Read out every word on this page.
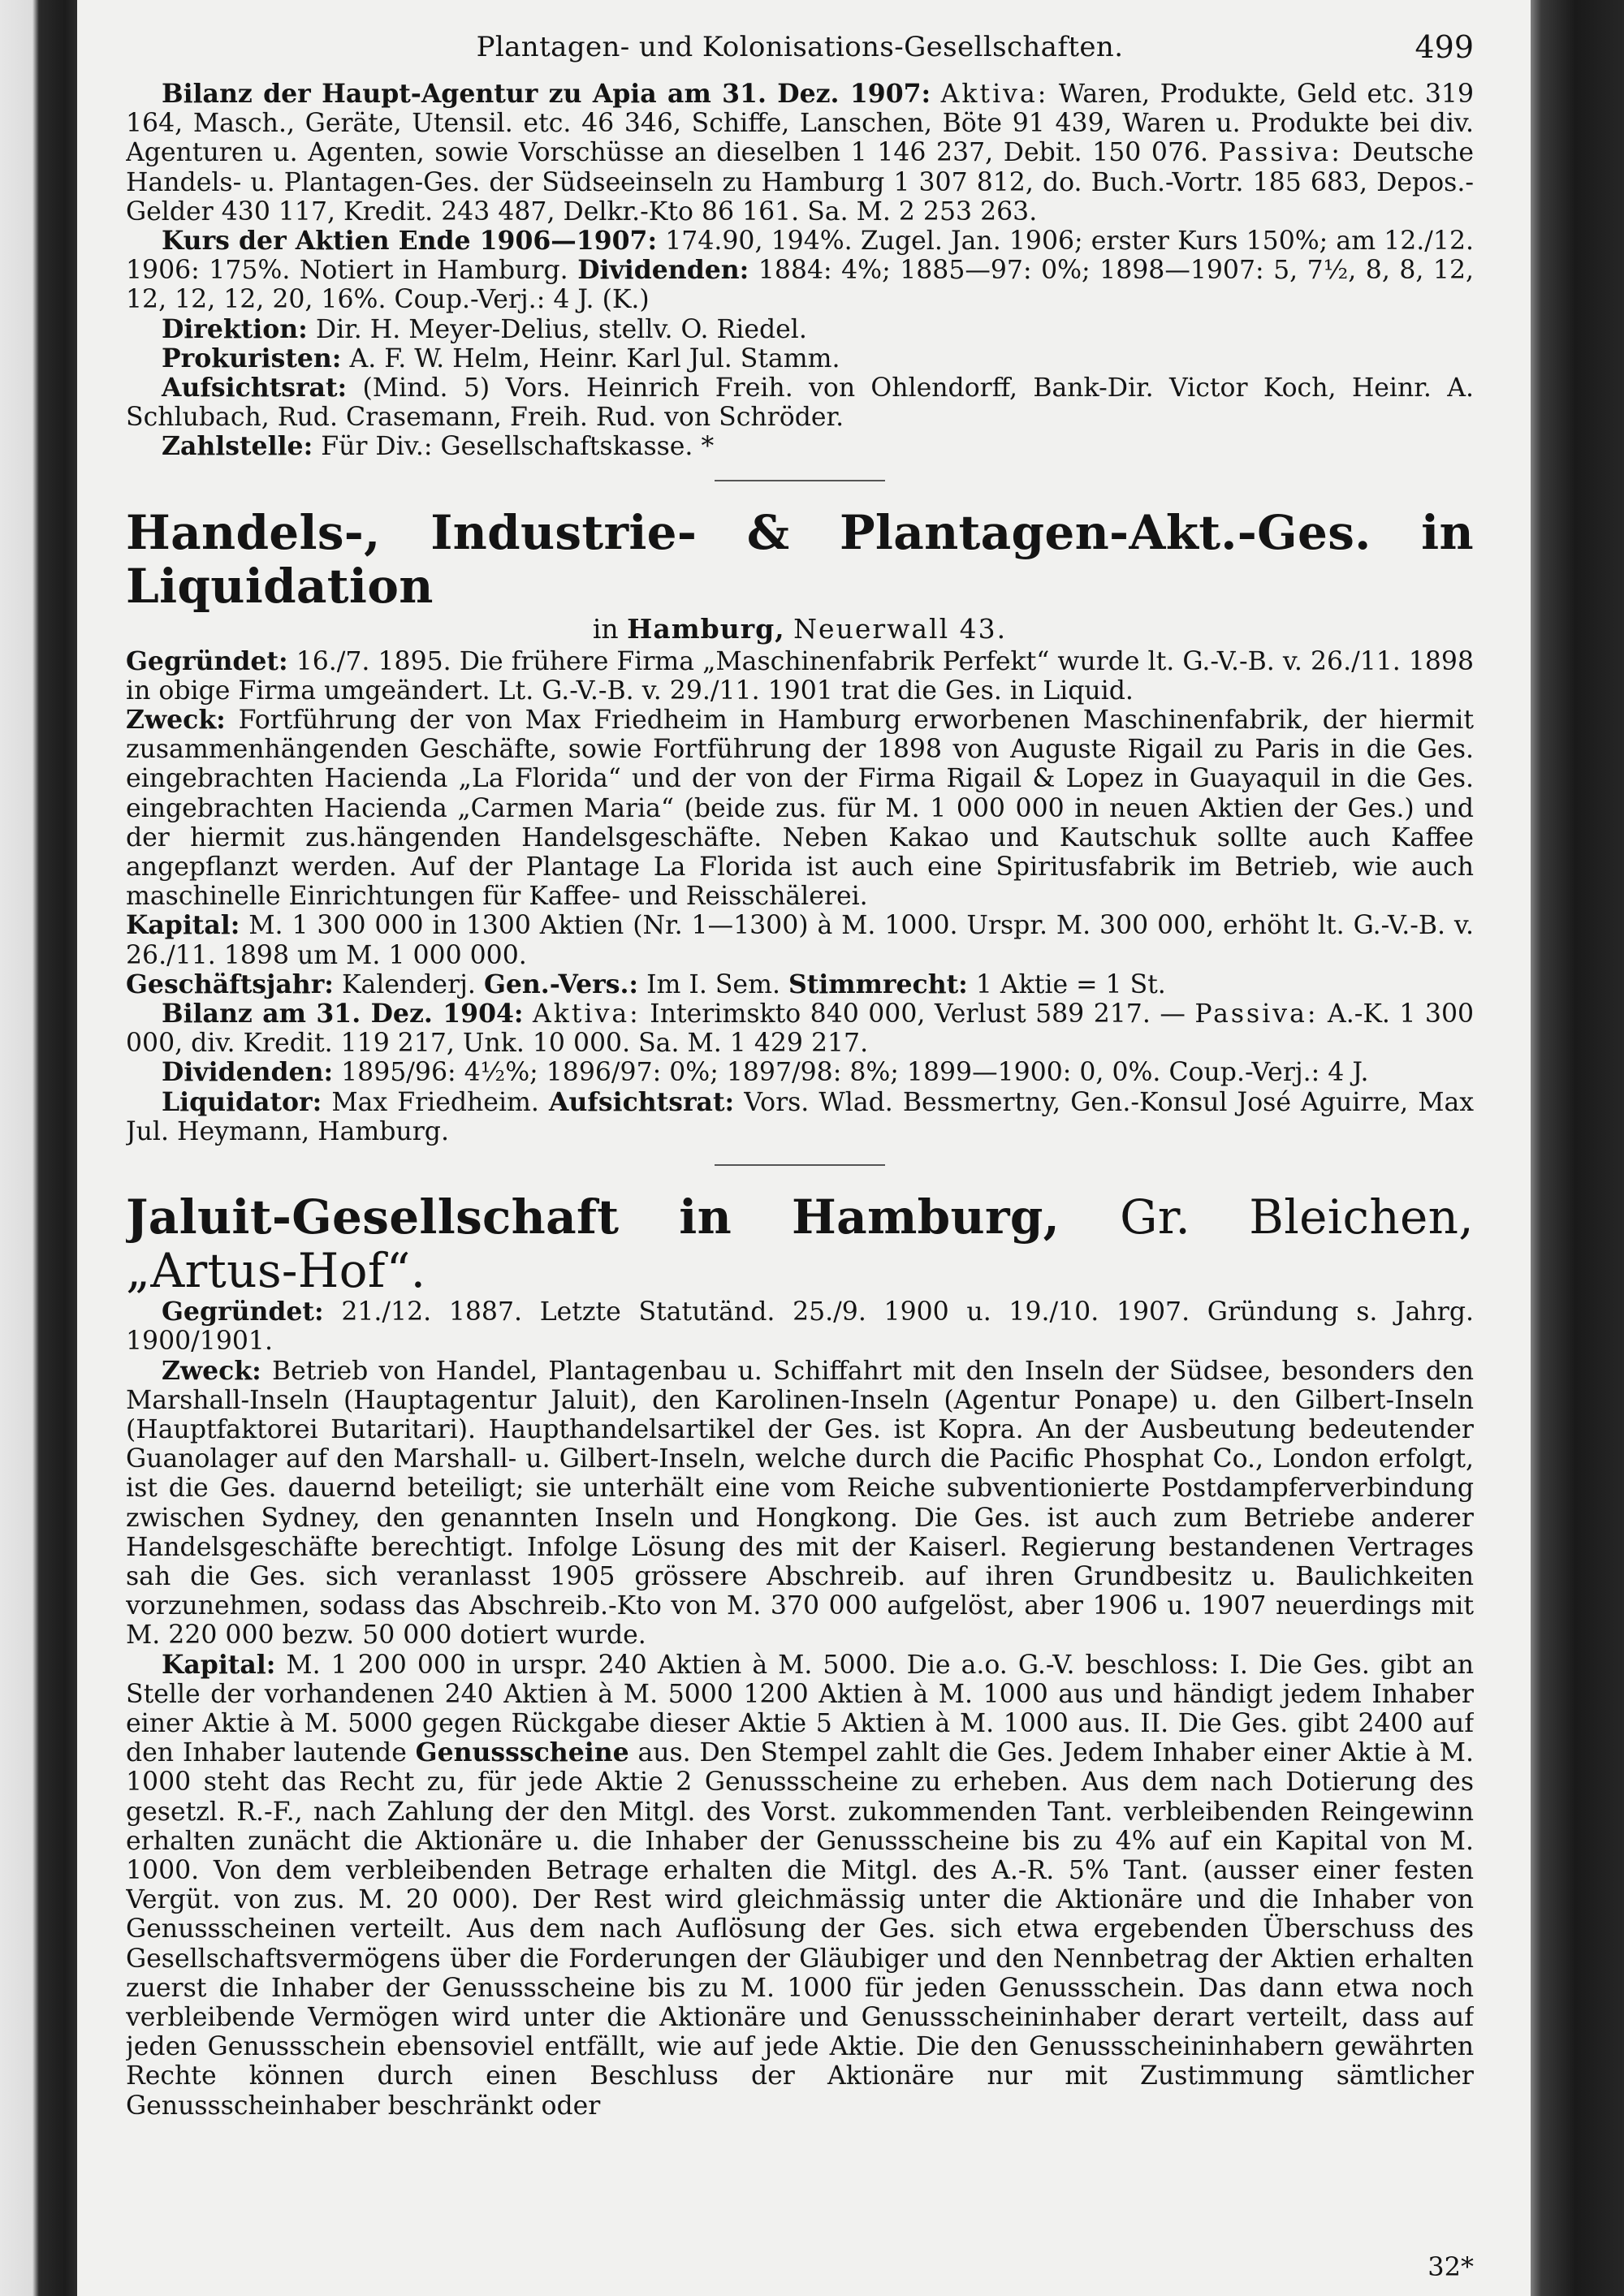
Plantagen- und Kolonisations-Gesellschaften.	499

Bilanz der Haupt-Agentur zu Apia am 31. Dez. 1907: Aktiva: Waren, Produkte, Geld etc. 319 164, Masch., Geräte, Utensil. etc. 46 346, Schiffe, Lanschen, Böte 91 439, Waren u. Produkte bei div. Agenturen u. Agenten, sowie Vorschüsse an dieselben 1 146 237, Debit. 150 076. Passiva: Deutsche Handels- u. Plantagen-Ges. der Südseeinseln zu Hamburg 1 307 812, do. Buch.-Vortr. 185 683, Depos.-Gelder 430 117, Kredit. 243 487, Delkr.-Kto 86 161. Sa. M. 2 253 263.

Kurs der Aktien Ende 1906—1907: 174.90, 194%. Zugel. Jan. 1906; erster Kurs 150%; am 12./12. 1906: 175%. Notiert in Hamburg. Dividenden: 1884: 4%; 1885—97: 0%; 1898—1907: 5, 7½, 8, 8, 12, 12, 12, 12, 20, 16%. Coup.-Verj.: 4 J. (K.)

Direktion: Dir. H. Meyer-Delius, stellv. O. Riedel.

Prokuristen: A. F. W. Helm, Heinr. Karl Jul. Stamm.

Aufsichtsrat: (Mind. 5) Vors. Heinrich Freih. von Ohlendorff, Bank-Dir. Victor Koch, Heinr. A. Schlubach, Rud. Crasemann, Freih. Rud. von Schröder.

Zahlstelle: Für Div.: Gesellschaftskasse. *

Handels-, Industrie- & Plantagen-Akt.-Ges. in Liquidation
in Hamburg, Neuerwall 43.

Gegründet: 16./7. 1895. Die frühere Firma „Maschinenfabrik Perfekt“ wurde lt. G.-V.-B. v. 26./11. 1898 in obige Firma umgeändert. Lt. G.-V.-B. v. 29./11. 1901 trat die Ges. in Liquid.

Zweck: Fortführung der von Max Friedheim in Hamburg erworbenen Maschinenfabrik, der hiermit zusammenhängenden Geschäfte, sowie Fortführung der 1898 von Auguste Rigail zu Paris in die Ges. eingebrachten Hacienda „La Florida“ und der von der Firma Rigail & Lopez in Guayaquil in die Ges. eingebrachten Hacienda „Carmen Maria“ (beide zus. für M. 1 000 000 in neuen Aktien der Ges.) und der hiermit zus.hängenden Handelsgeschäfte. Neben Kakao und Kautschuk sollte auch Kaffee angepflanzt werden. Auf der Plantage La Florida ist auch eine Spiritusfabrik im Betrieb, wie auch maschinelle Einrichtungen für Kaffee- und Reisschälerei.

Kapital: M. 1 300 000 in 1300 Aktien (Nr. 1—1300) à M. 1000. Urspr. M. 300 000, erhöht lt. G.-V.-B. v. 26./11. 1898 um M. 1 000 000.

Geschäftsjahr: Kalenderj. Gen.-Vers.: Im I. Sem. Stimmrecht: 1 Aktie = 1 St.

Bilanz am 31. Dez. 1904: Aktiva: Interimskto 840 000, Verlust 589 217. — Passiva: A.-K. 1 300 000, div. Kredit. 119 217, Unk. 10 000. Sa. M. 1 429 217.

Dividenden: 1895/96: 4½%; 1896/97: 0%; 1897/98: 8%; 1899—1900: 0, 0%. Coup.-Verj.: 4 J.

Liquidator: Max Friedheim. Aufsichtsrat: Vors. Wlad. Bessmertny, Gen.-Konsul José Aguirre, Max Jul. Heymann, Hamburg.

Jaluit-Gesellschaft in Hamburg, Gr. Bleichen, „Artus-Hof“.

Gegründet: 21./12. 1887. Letzte Statutänd. 25./9. 1900 u. 19./10. 1907. Gründung s. Jahrg. 1900/1901.

Zweck: Betrieb von Handel, Plantagenbau u. Schiffahrt mit den Inseln der Südsee, besonders den Marshall-Inseln (Hauptagentur Jaluit), den Karolinen-Inseln (Agentur Ponape) u. den Gilbert-Inseln (Hauptfaktorei Butaritari). Haupthandelsartikel der Ges. ist Kopra. An der Ausbeutung bedeutender Guanolager auf den Marshall- u. Gilbert-Inseln, welche durch die Pacific Phosphat Co., London erfolgt, ist die Ges. dauernd beteiligt; sie unterhält eine vom Reiche subventionierte Postdampferverbindung zwischen Sydney, den genannten Inseln und Hongkong. Die Ges. ist auch zum Betriebe anderer Handelsgeschäfte berechtigt. Infolge Lösung des mit der Kaiserl. Regierung bestandenen Vertrages sah die Ges. sich veranlasst 1905 grössere Abschreib. auf ihren Grundbesitz u. Baulichkeiten vorzunehmen, sodass das Abschreib.-Kto von M. 370 000 aufgelöst, aber 1906 u. 1907 neuerdings mit M. 220 000 bezw. 50 000 dotiert wurde.

Kapital: M. 1 200 000 in urspr. 240 Aktien à M. 5000. Die a.o. G.-V. beschloss: I. Die Ges. gibt an Stelle der vorhandenen 240 Aktien à M. 5000 1200 Aktien à M. 1000 aus und händigt jedem Inhaber einer Aktie à M. 5000 gegen Rückgabe dieser Aktie 5 Aktien à M. 1000 aus. II. Die Ges. gibt 2400 auf den Inhaber lautende Genussscheine aus. Den Stempel zahlt die Ges. Jedem Inhaber einer Aktie à M. 1000 steht das Recht zu, für jede Aktie 2 Genussscheine zu erheben. Aus dem nach Dotierung des gesetzl. R.-F., nach Zahlung der den Mitgl. des Vorst. zukommenden Tant. verbleibenden Reingewinn erhalten zunächt die Aktionäre u. die Inhaber der Genussscheine bis zu 4% auf ein Kapital von M. 1000. Von dem verbleibenden Betrage erhalten die Mitgl. des A.-R. 5% Tant. (ausser einer festen Vergüt. von zus. M. 20 000). Der Rest wird gleichmässig unter die Aktionäre und die Inhaber von Genussscheinen verteilt. Aus dem nach Auflösung der Ges. sich etwa ergebenden Überschuss des Gesellschaftsvermögens über die Forderungen der Gläubiger und den Nennbetrag der Aktien erhalten zuerst die Inhaber der Genussscheine bis zu M. 1000 für jeden Genussschein. Das dann etwa noch verbleibende Vermögen wird unter die Aktionäre und Genussscheininhaber derart verteilt, dass auf jeden Genussschein ebensoviel entfällt, wie auf jede Aktie. Die den Genussscheininhabern gewährten Rechte können durch einen Beschluss der Aktionäre nur mit Zustimmung sämtlicher Genussscheinhaber beschränkt oder

32*
